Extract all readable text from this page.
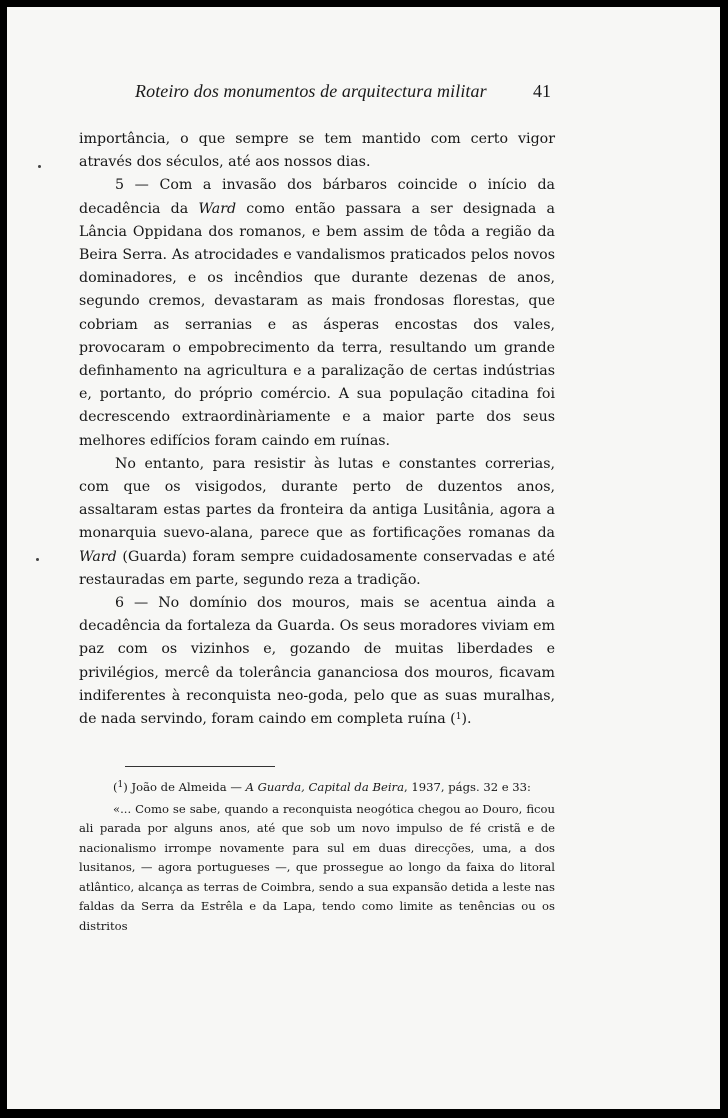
Roteiro dos monumentos de arquitectura militar	41

importância, o que sempre se tem mantido com certo vigor através dos séculos, até aos nossos dias.

5 — Com a invasão dos bárbaros coincide o início da decadência da Ward como então passara a ser designada a Lância Oppidana dos romanos, e bem assim de tôda a região da Beira Serra. As atrocidades e vandalismos praticados pelos novos dominadores, e os incêndios que durante dezenas de anos, segundo cremos, devastaram as mais frondosas florestas, que cobriam as serranias e as ásperas encostas dos vales, provocaram o empobrecimento da terra, resultando um grande definhamento na agricultura e a paralização de certas indústrias e, portanto, do próprio comércio. A sua população citadina foi decrescendo extraordinàriamente e a maior parte dos seus melhores edifícios foram caindo em ruínas.

No entanto, para resistir às lutas e constantes correrias, com que os visigodos, durante perto de duzentos anos, assaltaram estas partes da fronteira da antiga Lusitânia, agora a monarquia suevo-alana, parece que as fortificações romanas da Ward (Guarda) foram sempre cuidadosamente conservadas e até restauradas em parte, segundo reza a tradição.

6 — No domínio dos mouros, mais se acentua ainda a decadência da fortaleza da Guarda. Os seus moradores viviam em paz com os vizinhos e, gozando de muitas liberdades e privilégios, mercê da tolerância gananciosa dos mouros, ficavam indiferentes à reconquista neo-goda, pelo que as suas muralhas, de nada servindo, foram caindo em completa ruína ($^1$).

($^1$) João de Almeida — A Guarda, Capital da Beira, 1937, págs. 32 e 33:

«... Como se sabe, quando a reconquista neogótica chegou ao Douro, ficou ali parada por alguns anos, até que sob um novo impulso de fé cristã e de nacionalismo irrompe novamente para sul em duas direcções, uma, a dos lusitanos, — agora portugueses —, que prossegue ao longo da faixa do litoral atlântico, alcança as terras de Coimbra, sendo a sua expansão detida a leste nas faldas da Serra da Estrêla e da Lapa, tendo como limite as tenências ou os distritos
